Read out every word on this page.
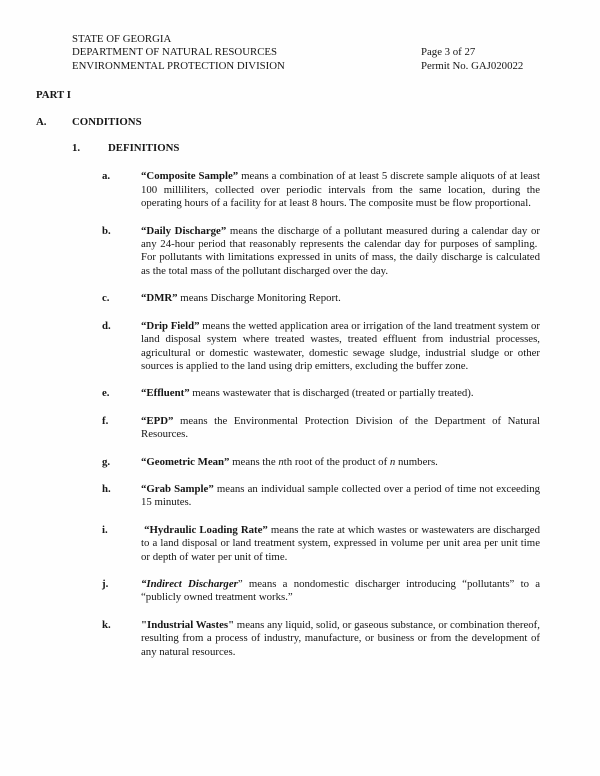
STATE OF GEORGIA
DEPARTMENT OF NATURAL RESOURCES
ENVIRONMENTAL PROTECTION DIVISION
Page 3 of 27
Permit No. GAJ020022
PART I
A.	CONDITIONS
1.	DEFINITIONS
a.	“Composite Sample” means a combination of at least 5 discrete sample aliquots of at least 100 milliliters, collected over periodic intervals from the same location, during the operating hours of a facility for at least 8 hours. The composite must be flow proportional.
b.	“Daily Discharge” means the discharge of a pollutant measured during a calendar day or any 24-hour period that reasonably represents the calendar day for purposes of sampling.  For pollutants with limitations expressed in units of mass, the daily discharge is calculated as the total mass of the pollutant discharged over the day.
c.	“DMR” means Discharge Monitoring Report.
d.	“Drip Field” means the wetted application area or irrigation of the land treatment system or land disposal system where treated wastes, treated effluent from industrial processes, agricultural or domestic wastewater, domestic sewage sludge, industrial sludge or other sources is applied to the land using drip emitters, excluding the buffer zone.
e.	“Effluent” means wastewater that is discharged (treated or partially treated).
f.	“EPD” means the Environmental Protection Division of the Department of Natural Resources.
g.	“Geometric Mean” means the nth root of the product of n numbers.
h.	“Grab Sample” means an individual sample collected over a period of time not exceeding 15 minutes.
i.	“Hydraulic Loading Rate” means the rate at which wastes or wastewaters are discharged to a land disposal or land treatment system, expressed in volume per unit area per unit time or depth of water per unit of time.
j.	“Indirect Discharger” means a nondomestic discharger introducing “pollutants” to a “publicly owned treatment works.”
k.	"Industrial Wastes" means any liquid, solid, or gaseous substance, or combination thereof, resulting from a process of industry, manufacture, or business or from the development of any natural resources.
